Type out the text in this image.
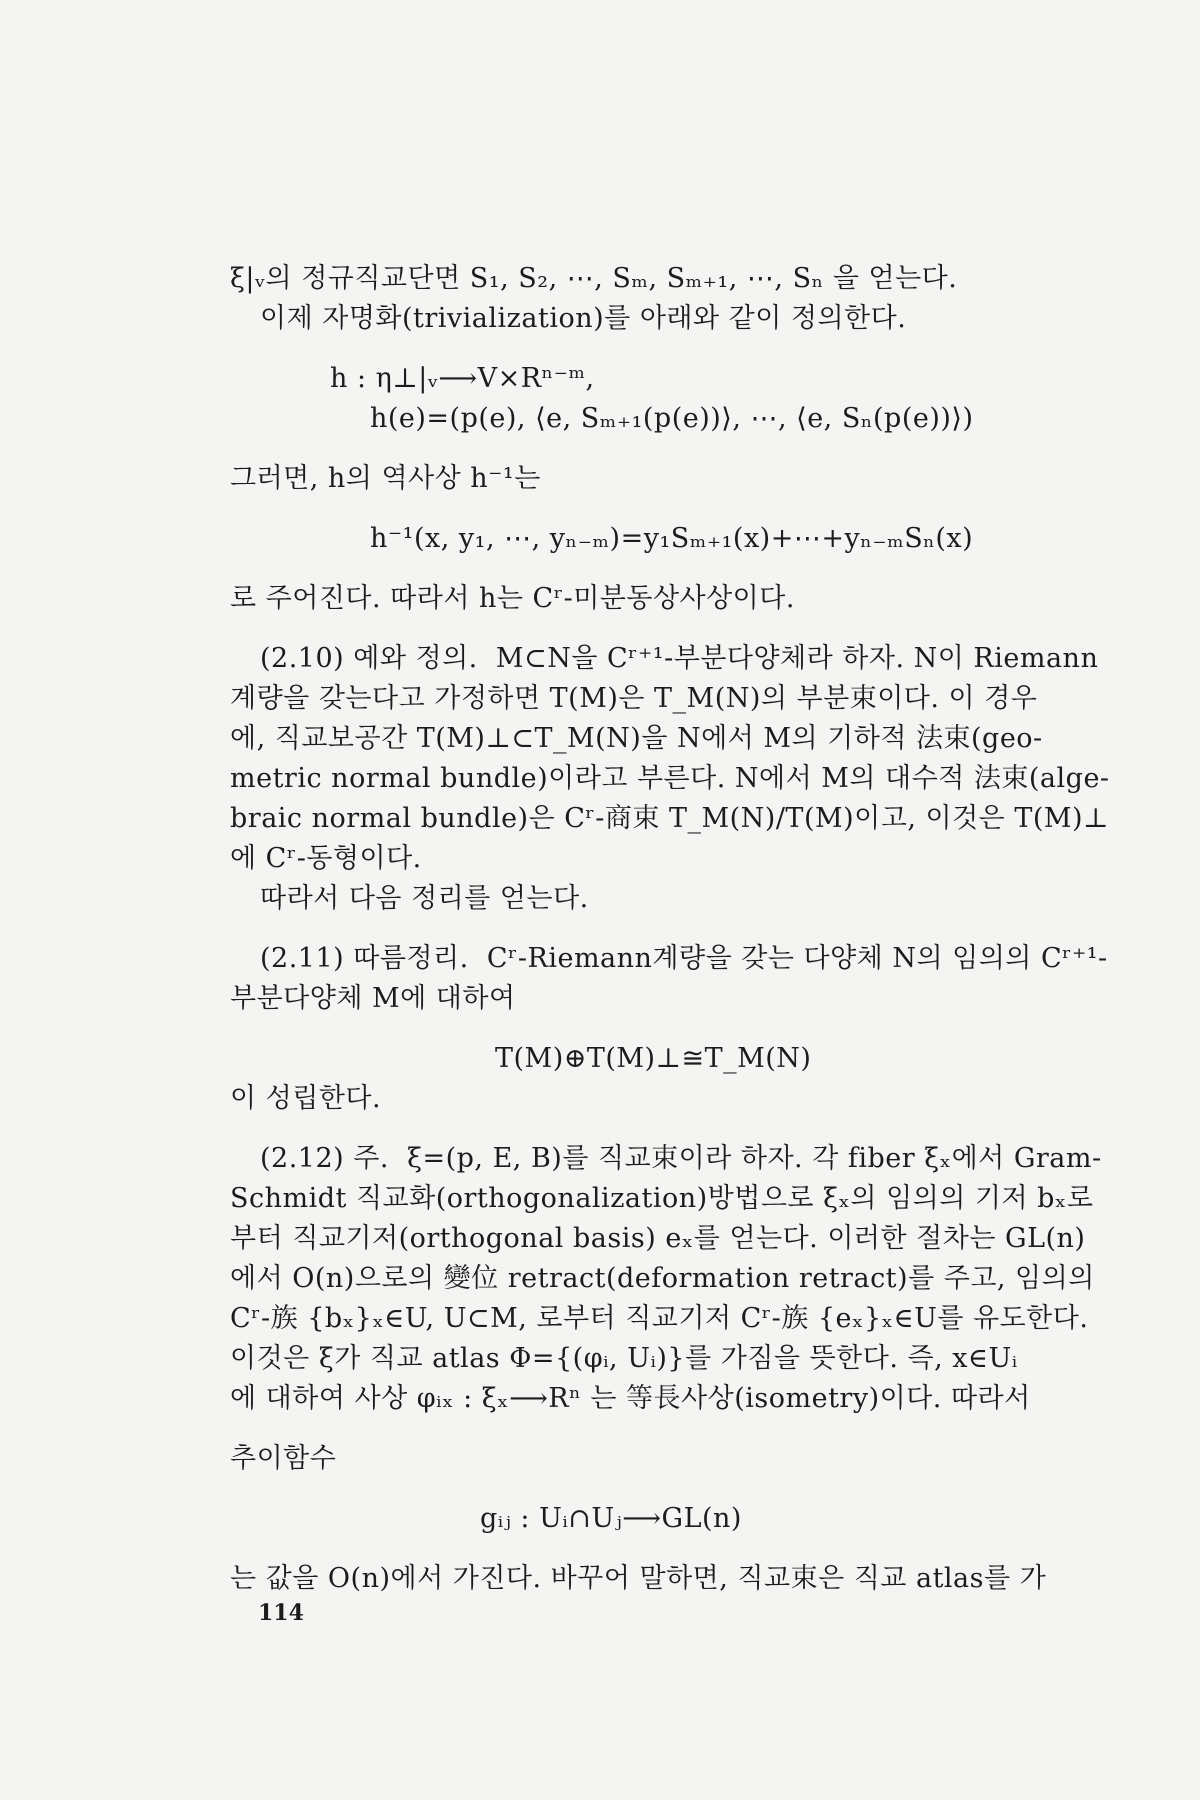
ξ|ᵥ의 정규직교단면 S₁, S₂, ⋯, Sₘ, Sₘ₊₁, ⋯, Sₙ 을 얻는다.
이제 자명화(trivialization)를 아래와 같이 정의한다.
h : η⊥|ᵥ⟶V×Rⁿ⁻ᵐ,
h(e)=(p(e), ⟨e, Sₘ₊₁(p(e))⟩, ⋯, ⟨e, Sₙ(p(e))⟩)
그러면, h의 역사상 h⁻¹는
h⁻¹(x, y₁, ⋯, yₙ₋ₘ)=y₁Sₘ₊₁(x)+⋯+yₙ₋ₘSₙ(x)
로 주어진다. 따라서 h는 Cʳ-미분동상사상이다.
(2.10) 예와 정의.  M⊂N을 Cʳ⁺¹-부분다양체라 하자. N이 Riemann
계량을 갖는다고 가정하면 T(M)은 T_M(N)의 부분束이다. 이 경우
에, 직교보공간 T(M)⊥⊂T_M(N)을 N에서 M의 기하적 法束(geo-
metric normal bundle)이라고 부른다. N에서 M의 대수적 法束(alge-
braic normal bundle)은 Cʳ-商束 T_M(N)/T(M)이고, 이것은 T(M)⊥
에 Cʳ-동형이다.
따라서 다음 정리를 얻는다.
(2.11) 따름정리.  Cʳ-Riemann계량을 갖는 다양체 N의 임의의 Cʳ⁺¹-
부분다양체 M에 대하여
T(M)⊕T(M)⊥≅T_M(N)
이 성립한다.
(2.12) 주.  ξ=(p, E, B)를 직교束이라 하자. 각 fiber ξₓ에서 Gram-
Schmidt 직교화(orthogonalization)방법으로 ξₓ의 임의의 기저 bₓ로
부터 직교기저(orthogonal basis) eₓ를 얻는다. 이러한 절차는 GL(n)
에서 O(n)으로의 變位 retract(deformation retract)를 주고, 임의의
Cʳ-族 {bₓ}ₓ∈U, U⊂M, 로부터 직교기저 Cʳ-族 {eₓ}ₓ∈U를 유도한다.
이것은 ξ가 직교 atlas Φ={(φᵢ, Uᵢ)}를 가짐을 뜻한다. 즉, x∈Uᵢ
에 대하여 사상 φᵢₓ : ξₓ⟶Rⁿ 는 等長사상(isometry)이다. 따라서
추이함수
gᵢⱼ : Uᵢ∩Uⱼ⟶GL(n)
는 값을 O(n)에서 가진다. 바꾸어 말하면, 직교束은 직교 atlas를 가
114
